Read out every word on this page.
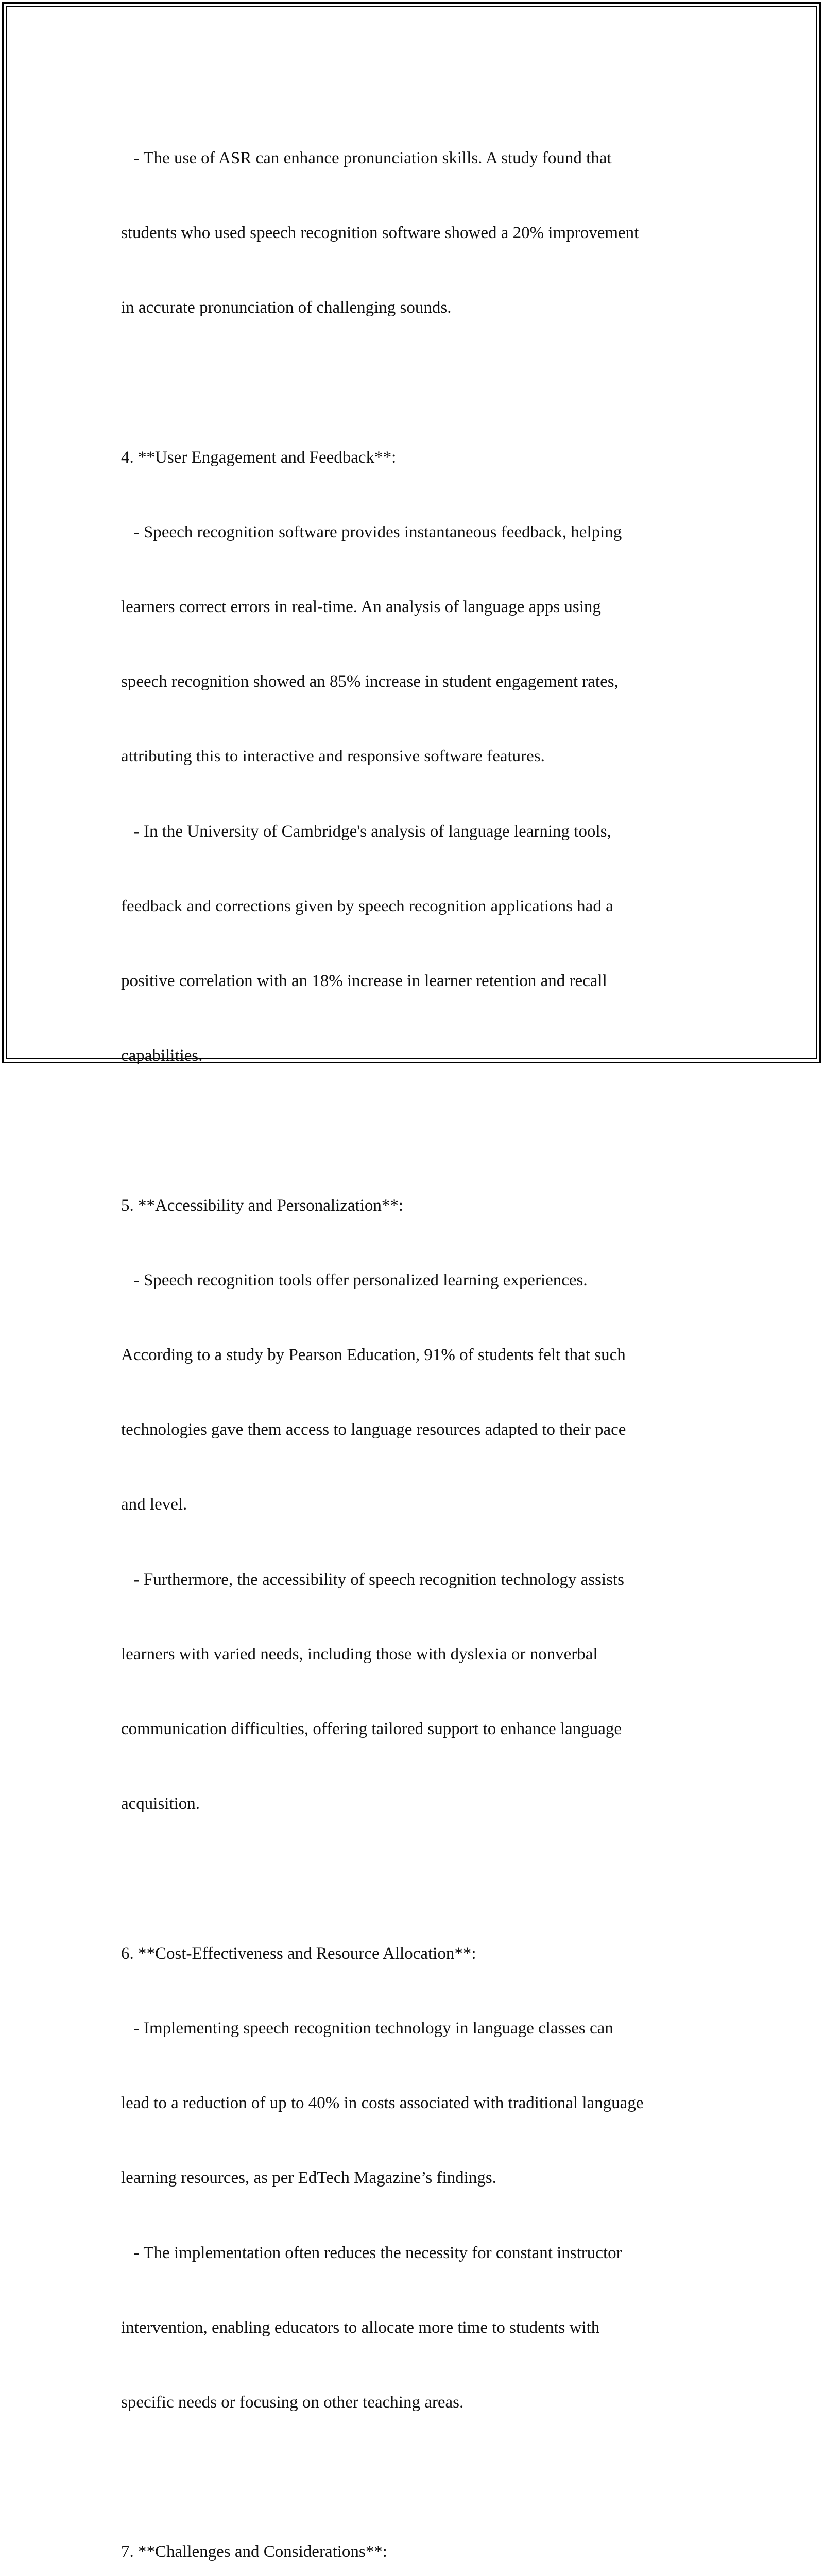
- The use of ASR can enhance pronunciation skills. A study found that

students who used speech recognition software showed a 20% improvement

in accurate pronunciation of challenging sounds.

4. **User Engagement and Feedback**:

- Speech recognition software provides instantaneous feedback, helping

learners correct errors in real-time. An analysis of language apps using

speech recognition showed an 85% increase in student engagement rates,

attributing this to interactive and responsive software features.

- In the University of Cambridge's analysis of language learning tools,

feedback and corrections given by speech recognition applications had a

positive correlation with an 18% increase in learner retention and recall

capabilities.

5. **Accessibility and Personalization**:

- Speech recognition tools offer personalized learning experiences.

According to a study by Pearson Education, 91% of students felt that such

technologies gave them access to language resources adapted to their pace

and level.

- Furthermore, the accessibility of speech recognition technology assists

learners with varied needs, including those with dyslexia or nonverbal

communication difficulties, offering tailored support to enhance language

acquisition.

6. **Cost-Effectiveness and Resource Allocation**:

- Implementing speech recognition technology in language classes can

lead to a reduction of up to 40% in costs associated with traditional language

learning resources, as per EdTech Magazine’s findings.

- The implementation often reduces the necessity for constant instructor

intervention, enabling educators to allocate more time to students with

specific needs or focusing on other teaching areas.

7. **Challenges and Considerations**:
